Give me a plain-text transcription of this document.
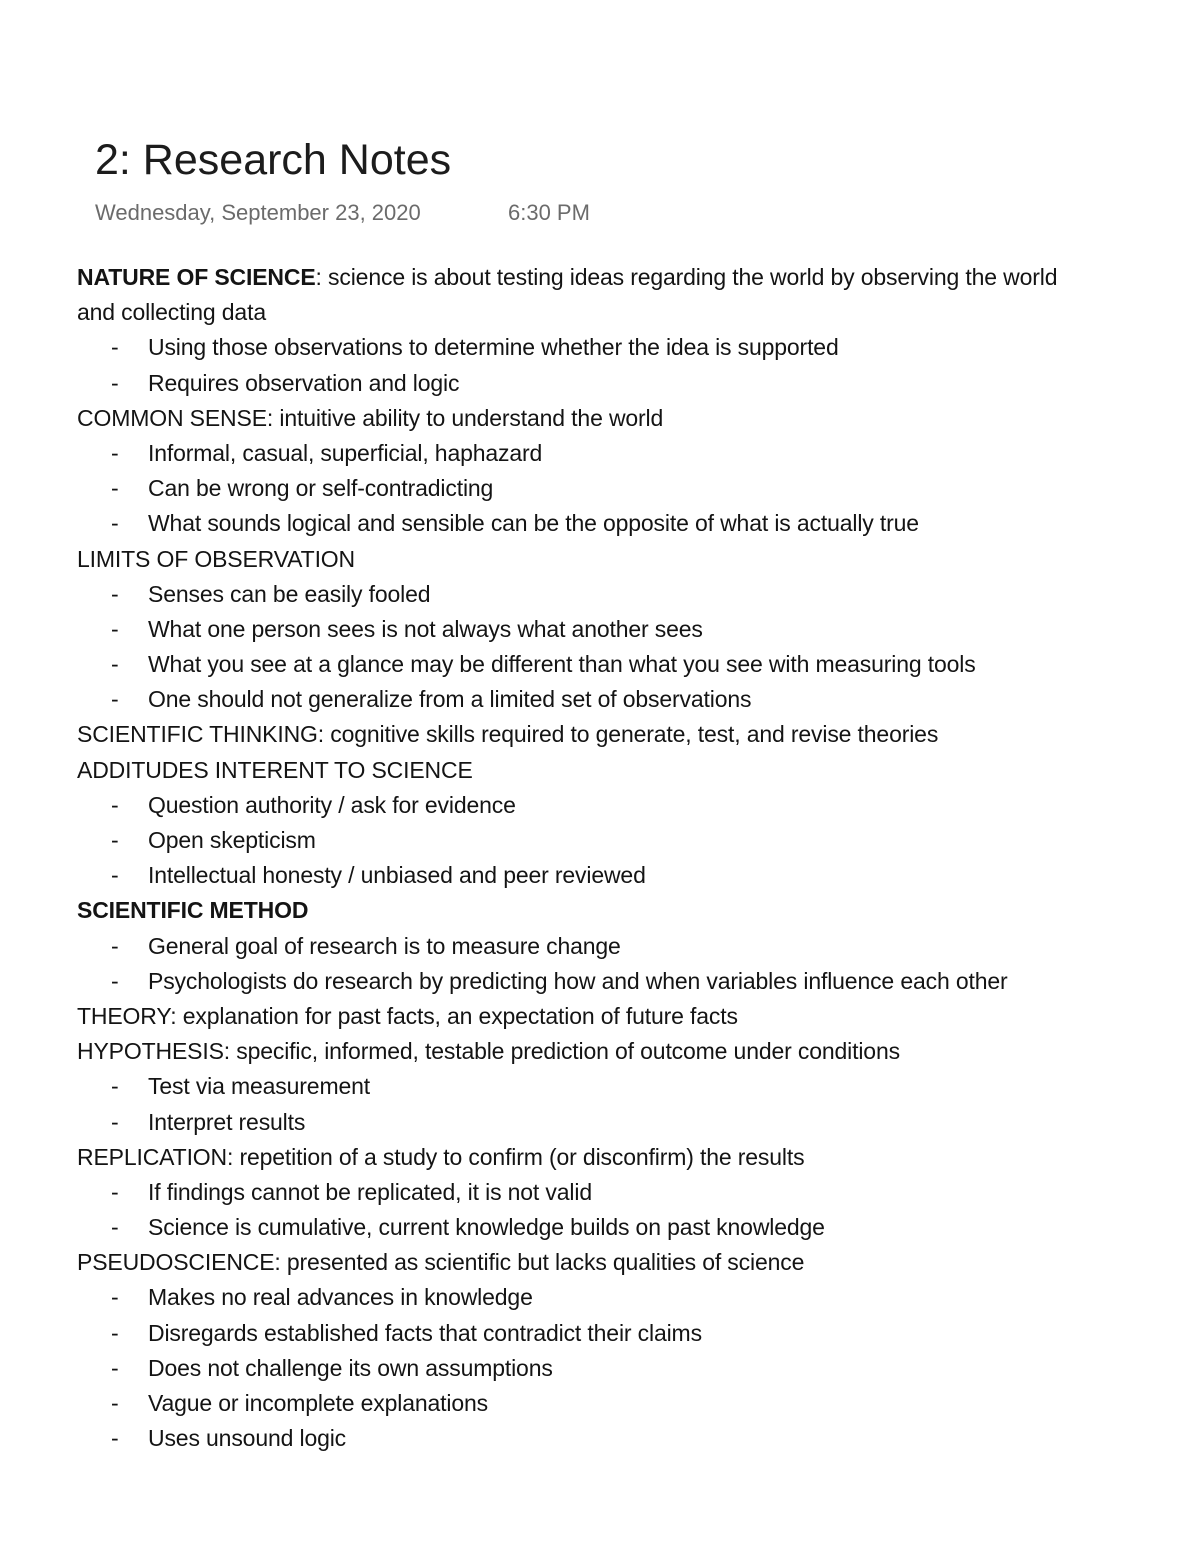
2: Research Notes
Wednesday, September 23, 2020	6:30 PM
NATURE OF SCIENCE: science is about testing ideas regarding the world by observing the world
and collecting data
- Using those observations to determine whether the idea is supported
- Requires observation and logic
COMMON SENSE: intuitive ability to understand the world
- Informal, casual, superficial, haphazard
- Can be wrong or self-contradicting
- What sounds logical and sensible can be the opposite of what is actually true
LIMITS OF OBSERVATION
- Senses can be easily fooled
- What one person sees is not always what another sees
- What you see at a glance may be different than what you see with measuring tools
- One should not generalize from a limited set of observations
SCIENTIFIC THINKING: cognitive skills required to generate, test, and revise theories
ADDITUDES INTERENT TO SCIENCE
- Question authority / ask for evidence
- Open skepticism
- Intellectual honesty / unbiased and peer reviewed
SCIENTIFIC METHOD
- General goal of research is to measure change
- Psychologists do research by predicting how and when variables influence each other
THEORY: explanation for past facts, an expectation of future facts
HYPOTHESIS: specific, informed, testable prediction of outcome under conditions
- Test via measurement
- Interpret results
REPLICATION: repetition of a study to confirm (or disconfirm) the results
- If findings cannot be replicated, it is not valid
- Science is cumulative, current knowledge builds on past knowledge
PSEUDOSCIENCE: presented as scientific but lacks qualities of science
- Makes no real advances in knowledge
- Disregards established facts that contradict their claims
- Does not challenge its own assumptions
- Vague or incomplete explanations
- Uses unsound logic
